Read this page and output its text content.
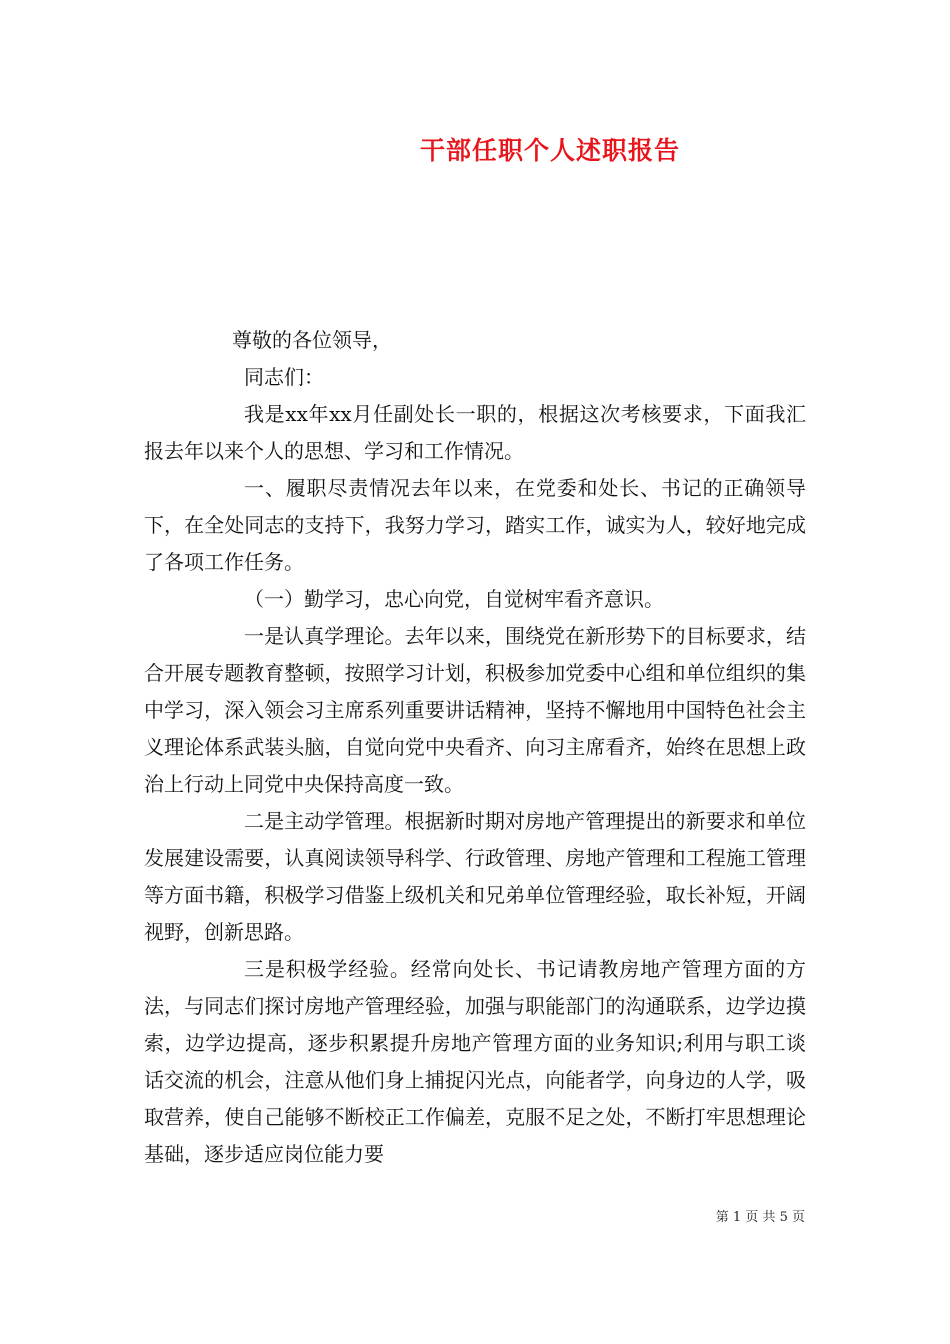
干部任职个人述职报告

尊敬的各位领导，

同志们：

我是xx年xx月任副处长一职的，根据这次考核要求，下面我汇报去年以来个人的思想、学习和工作情况。

一、履职尽责情况去年以来，在党委和处长、书记的正确领导下，在全处同志的支持下，我努力学习，踏实工作，诚实为人，较好地完成了各项工作任务。

（一）勤学习，忠心向党，自觉树牢看齐意识。

一是认真学理论。去年以来，围绕党在新形势下的目标要求，结合开展专题教育整顿，按照学习计划，积极参加党委中心组和单位组织的集中学习，深入领会习主席系列重要讲话精神，坚持不懈地用中国特色社会主义理论体系武装头脑，自觉向党中央看齐、向习主席看齐，始终在思想上政治上行动上同党中央保持高度一致。

二是主动学管理。根据新时期对房地产管理提出的新要求和单位发展建设需要，认真阅读领导科学、行政管理、房地产管理和工程施工管理等方面书籍，积极学习借鉴上级机关和兄弟单位管理经验，取长补短，开阔视野，创新思路。

三是积极学经验。经常向处长、书记请教房地产管理方面的方法，与同志们探讨房地产管理经验，加强与职能部门的沟通联系，边学边摸索，边学边提高，逐步积累提升房地产管理方面的业务知识;利用与职工谈话交流的机会，注意从他们身上捕捉闪光点，向能者学，向身边的人学，吸取营养，使自己能够不断校正工作偏差，克服不足之处，不断打牢思想理论基础，逐步适应岗位能力要

第 1 页 共 5 页
